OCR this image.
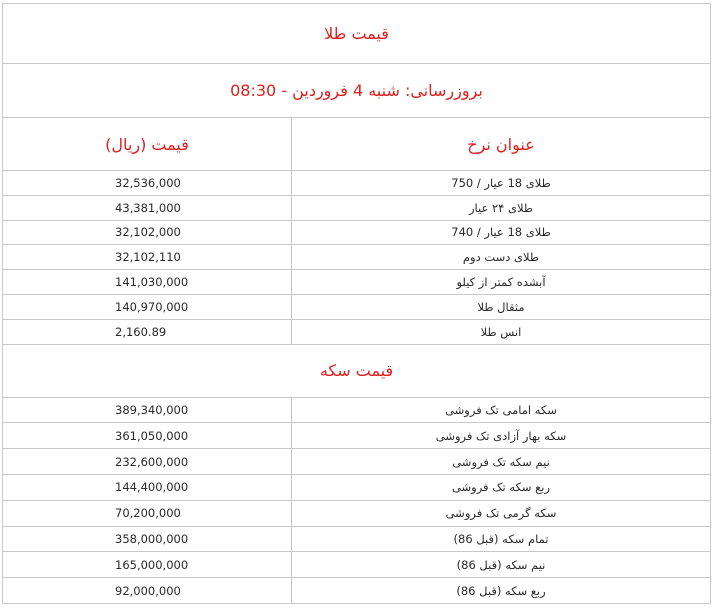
قیمت طلا	
بروزرسانی: شنبه 4 فروردین - 08:30	
قیمت (ریال)	عنوان نرخ
32,536,000	طلای 18 عیار / 750
43,381,000	طلای ۲۴ عیار
32,102,000	طلای 18 عیار / 740
32,102,110	طلای دست دوم
141,030,000	آبشده کمتر از کیلو
140,970,000	مثقال طلا
2,160.89	انس طلا
قیمت سکه	
389,340,000	سکه امامی تک فروشی
361,050,000	سکه بهار آزادی تک فروشی
232,600,000	نیم سکه تک فروشی
144,400,000	ربع سکه تک فروشی
70,200,000	سکه گرمی تک فروشی
358,000,000	تمام سکه (قبل 86)
165,000,000	نیم سکه (قبل 86)
92,000,000	ربع سکه (قبل 86)
